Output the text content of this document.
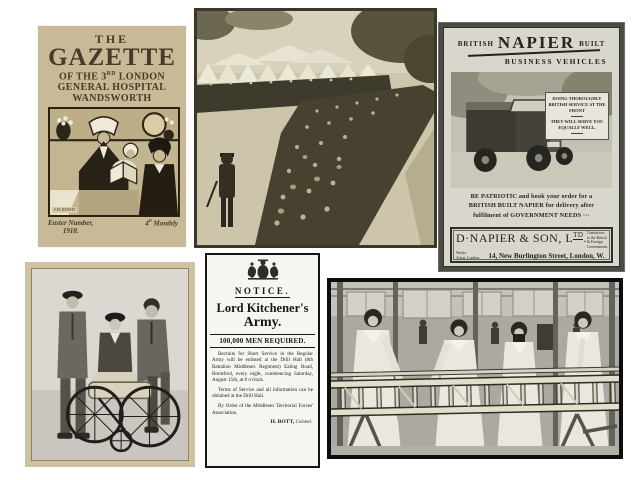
THE
GAZETTE
OF THE 3RD LONDON
GENERAL HOSPITAL
WANDSWORTH
J.H.DOWD
Easter Number,
1918.
$4^D$ Monthly
BRITISH NAPIER BUILT
BUSINESS VEHICLES
DOING THOROUGHLY BRITISH SERVICE AT THE FRONT
THEY WILL SERVE YOU EQUALLY WELL.
BE PATRIOTIC and book your order for a
BRITISH BUILT NAPIER for delivery after
fulfilment of GOVERNMENT NEEDS ···
D·NAPIER & SON, $L^{TD}$. Contractors to the British & Foreign Governments
Works:
Acton, London.	14, New Burlington Street, London, W.
NOTICE.
Lord Kitchener's
Army.
100,000 MEN REQUIRED.
Recruits for Short Service in the Regular Army will be enlisted at the Drill Hall (8th Battalion Middlesex Regiment) Ealing Road, Brentford, every night, commencing Saturday, August 15th, at 8 o'clock.
Terms of Service and all information can be obtained at the Drill Hall.
By Order of the Middlesex Territorial Forces' Association.
H. BOTT, Colonel.
